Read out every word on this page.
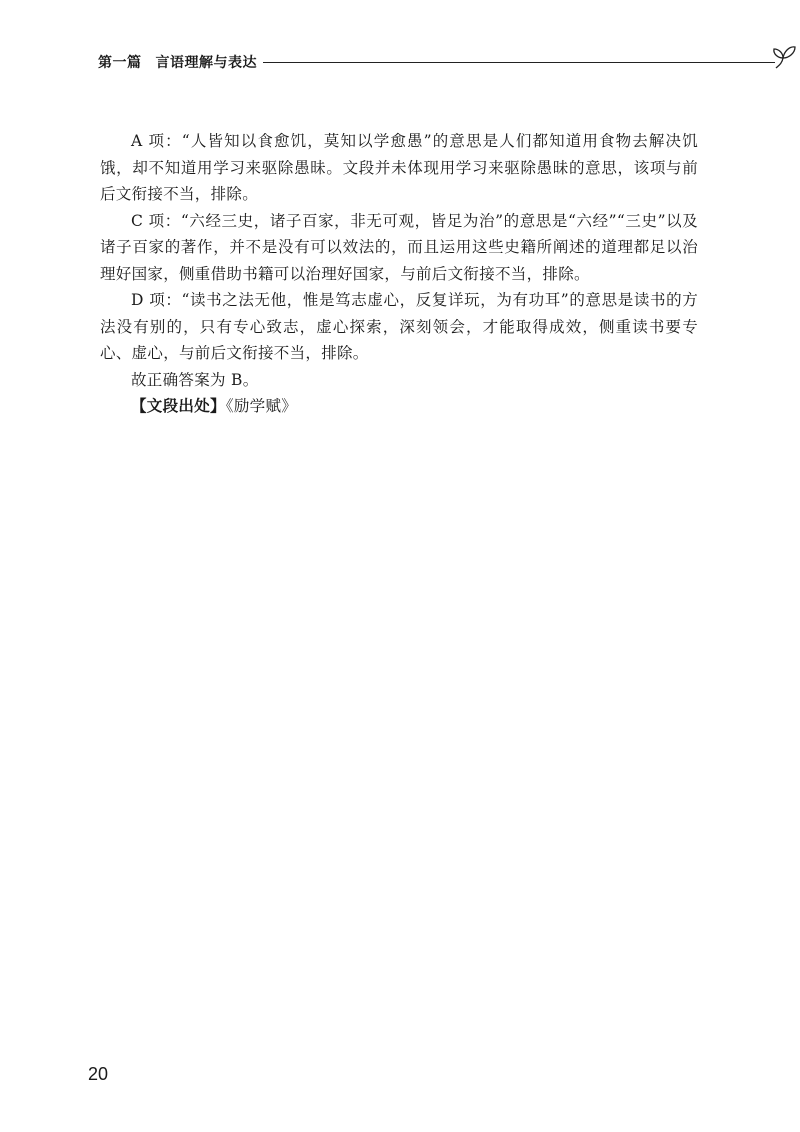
第一篇 言语理解与表达

A 项：“人皆知以食愈饥，莫知以学愈愚”的意思是人们都知道用食物去解决饥饿，却不知道用学习来驱除愚昧。文段并未体现用学习来驱除愚昧的意思，该项与前后文衔接不当，排除。

C 项：“六经三史，诸子百家，非无可观，皆足为治”的意思是“六经”“三史”以及诸子百家的著作，并不是没有可以效法的，而且运用这些史籍所阐述的道理都足以治理好国家，侧重借助书籍可以治理好国家，与前后文衔接不当，排除。

D 项：“读书之法无他，惟是笃志虚心，反复详玩，为有功耳”的意思是读书的方法没有别的，只有专心致志，虚心探索，深刻领会，才能取得成效，侧重读书要专心、虚心，与前后文衔接不当，排除。

故正确答案为 B。

【文段出处】《励学赋》

20
